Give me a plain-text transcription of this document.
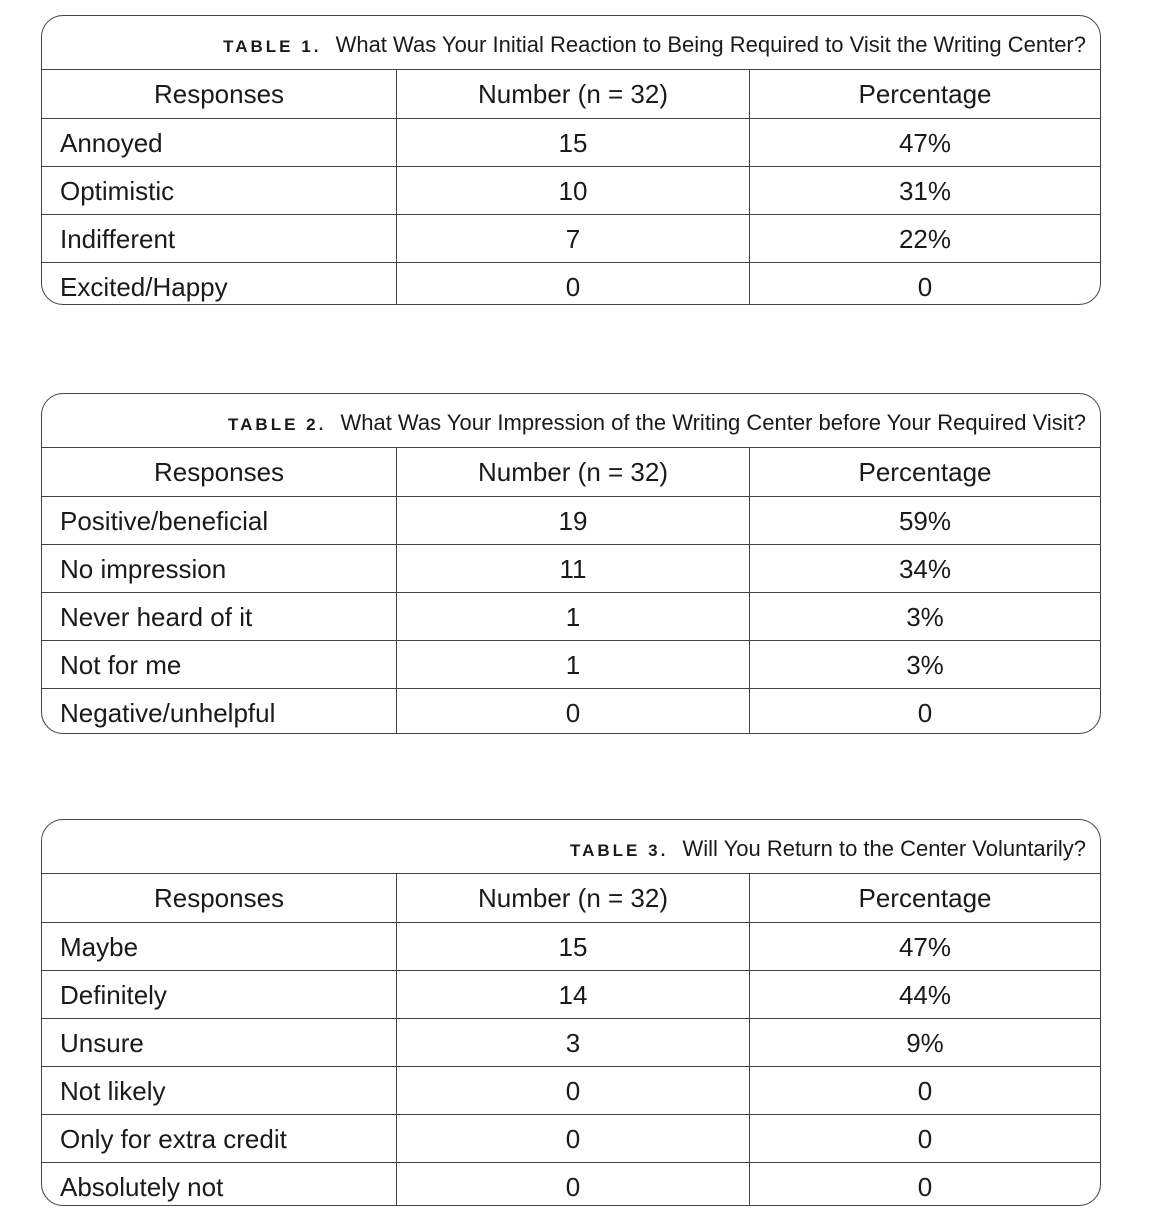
TABLE 1. What Was Your Initial Reaction to Being Required to Visit the Writing Center?
Responses	Number (n = 32)	Percentage
Annoyed	15	47%
Optimistic	10	31%
Indifferent	7	22%
Excited/Happy	0	0
TABLE 2. What Was Your Impression of the Writing Center before Your Required Visit?
Responses	Number (n = 32)	Percentage
Positive/beneficial	19	59%
No impression	11	34%
Never heard of it	1	3%
Not for me	1	3%
Negative/unhelpful	0	0
TABLE 3. Will You Return to the Center Voluntarily?
Responses	Number (n = 32)	Percentage
Maybe	15	47%
Definitely	14	44%
Unsure	3	9%
Not likely	0	0
Only for extra credit	0	0
Absolutely not	0	0
